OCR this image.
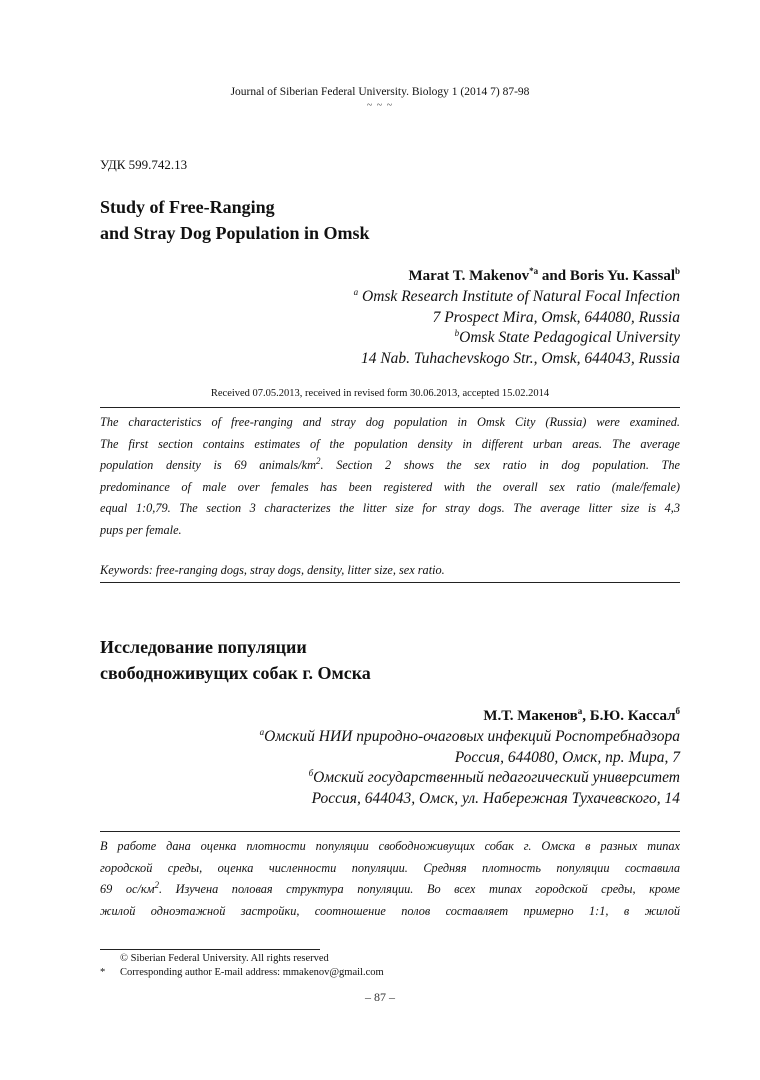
Journal of Siberian Federal University. Biology 1 (2014 7) 87-98
~ ~ ~
УДК 599.742.13
Study of Free-Ranging
and Stray Dog Population in Omsk
Marat T. Makenov$^{*a}$ and Boris Yu. Kassal$^b$
$^a$ Omsk Research Institute of Natural Focal Infection
7 Prospect Mira, Omsk, 644080, Russia
$^b$Omsk State Pedagogical University
14 Nab. Tuhachevskogo Str., Omsk, 644043, Russia
Received 07.05.2013, received in revised form 30.06.2013, accepted 15.02.2014
The characteristics of free-ranging and stray dog population in Omsk City (Russia) were examined.
The first section contains estimates of the population density in different urban areas. The average
population density is 69 animals/$km^2$. Section 2 shows the sex ratio in dog population. The
predominance of male over females has been registered with the overall sex ratio (male/female)
equal 1:0,79. The section 3 characterizes the litter size for stray dogs. The average litter size is 4,3
pups per female.
Keywords: free-ranging dogs, stray dogs, density, litter size, sex ratio.
Исследование популяции
свободноживущих собак г. Омска
М.Т. Макенов$^а$, Б.Ю. Кассал$^б$
$^а$Омский НИИ природно-очаговых инфекций Роспотребнадзора
Россия, 644080, Омск, пр. Мира, 7
$^б$Омский государственный педагогический университет
Россия, 644043, Омск, ул. Набережная Тухачевского, 14
В работе дана оценка плотности популяции свободноживущих собак г. Омска в разных типах
городской среды, оценка численности популяции. Средняя плотность популяции составила
69 $ос/км^2$. Изучена половая структура популяции. Во всех типах городской среды, кроме
жилой одноэтажной застройки, соотношение полов составляет примерно 1:1, в жилой
© Siberian Federal University. All rights reserved
*	Corresponding author E-mail address: mmakenov@gmail.com
– 87 –
